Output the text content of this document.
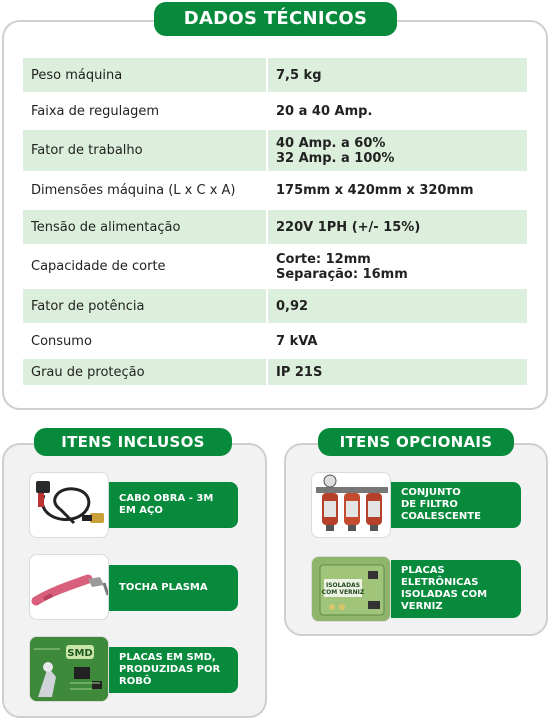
DADOS TÉCNICOS
Peso máquina	7,5 kg
Faixa de regulagem	20 a 40 Amp.
Fator de trabalho	40 Amp. a 60%
32 Amp. a 100%

Dimensões máquina (L x C x A)	175mm x 420mm x 320mm
Tensão de alimentação	220V 1PH (+/- 15%)
Capacidade de corte	Corte: 12mm
Separação: 16mm

Fator de potência	0,92
Consumo	7 kVA
Grau de proteção	IP 21S
ITENS INCLUSOS
CABO OBRA - 3M
EM AÇO
TOCHA PLASMA
SMD	PLACAS EM SMD,
PRODUZIDAS POR
ROBÔ
ITENS OPCIONAIS
CONJUNTO
DE FILTRO
COALESCENTE
ISOLADAS
COM VERNIZ
PLACAS
ELETRÔNICAS
ISOLADAS COM
VERNIZ
